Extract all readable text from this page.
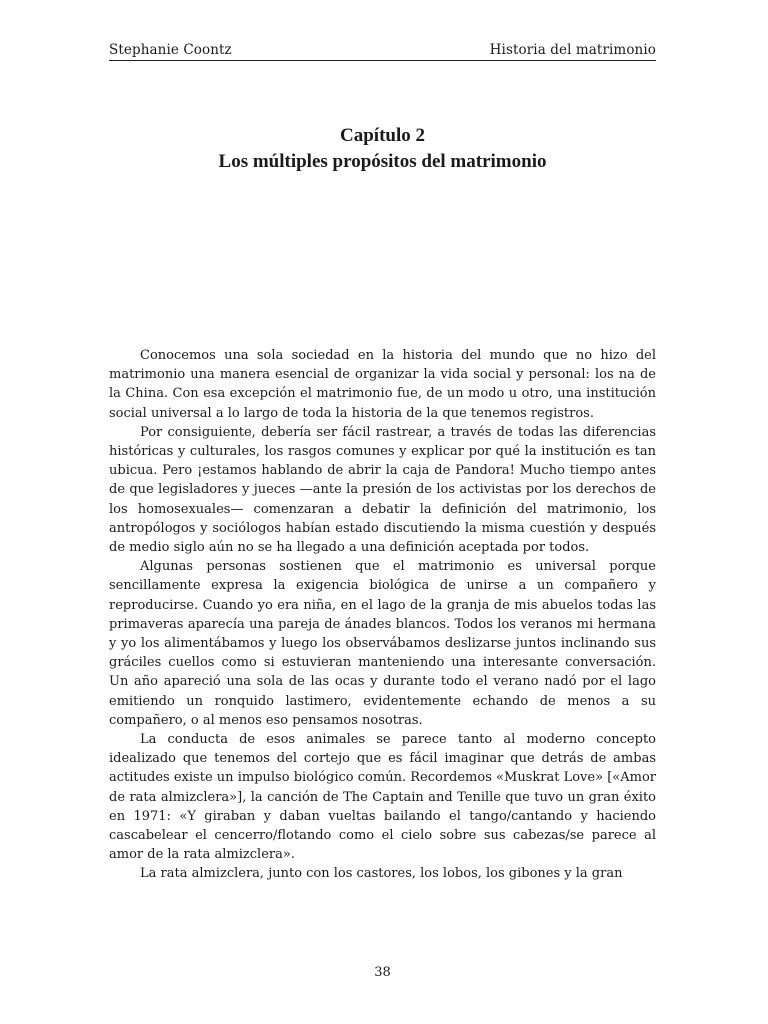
Stephanie Coontz	Historia del matrimonio
Capítulo 2
Los múltiples propósitos del matrimonio

Conocemos una sola sociedad en la historia del mundo que no hizo del matrimonio una manera esencial de organizar la vida social y personal: los na de la China. Con esa excepción el matrimonio fue, de un modo u otro, una institución social universal a lo largo de toda la historia de la que tenemos registros.

Por consiguiente, debería ser fácil rastrear, a través de todas las diferencias históricas y culturales, los rasgos comunes y explicar por qué la institución es tan ubicua. Pero ¡estamos hablando de abrir la caja de Pandora! Mucho tiempo antes de que legisladores y jueces —ante la presión de los activistas por los derechos de los homosexuales— comenzaran a debatir la definición del matrimonio, los antropólogos y sociólogos habían estado discutiendo la misma cuestión y después de medio siglo aún no se ha llegado a una definición aceptada por todos.

Algunas personas sostienen que el matrimonio es universal porque sencillamente expresa la exigencia biológica de unirse a un compañero y reproducirse. Cuando yo era niña, en el lago de la granja de mis abuelos todas las primaveras aparecía una pareja de ánades blancos. Todos los veranos mi hermana y yo los alimentábamos y luego los observábamos deslizarse juntos inclinando sus gráciles cuellos como si estuvieran manteniendo una interesante conversación. Un año apareció una sola de las ocas y durante todo el verano nadó por el lago emitiendo un ronquido lastimero, evidentemente echando de menos a su compañero, o al menos eso pensamos nosotras.

La conducta de esos animales se parece tanto al moderno concepto idealizado que tenemos del cortejo que es fácil imaginar que detrás de ambas actitudes existe un impulso biológico común. Recordemos «Muskrat Love» [«Amor de rata almizclera»], la canción de The Captain and Tenille que tuvo un gran éxito en 1971: «Y giraban y daban vueltas bailando el tango/cantando y haciendo cascabelear el cencerro/flotando como el cielo sobre sus cabezas/se parece al amor de la rata almizclera».

La rata almizclera, junto con los castores, los lobos, los gibones y la gran

38
